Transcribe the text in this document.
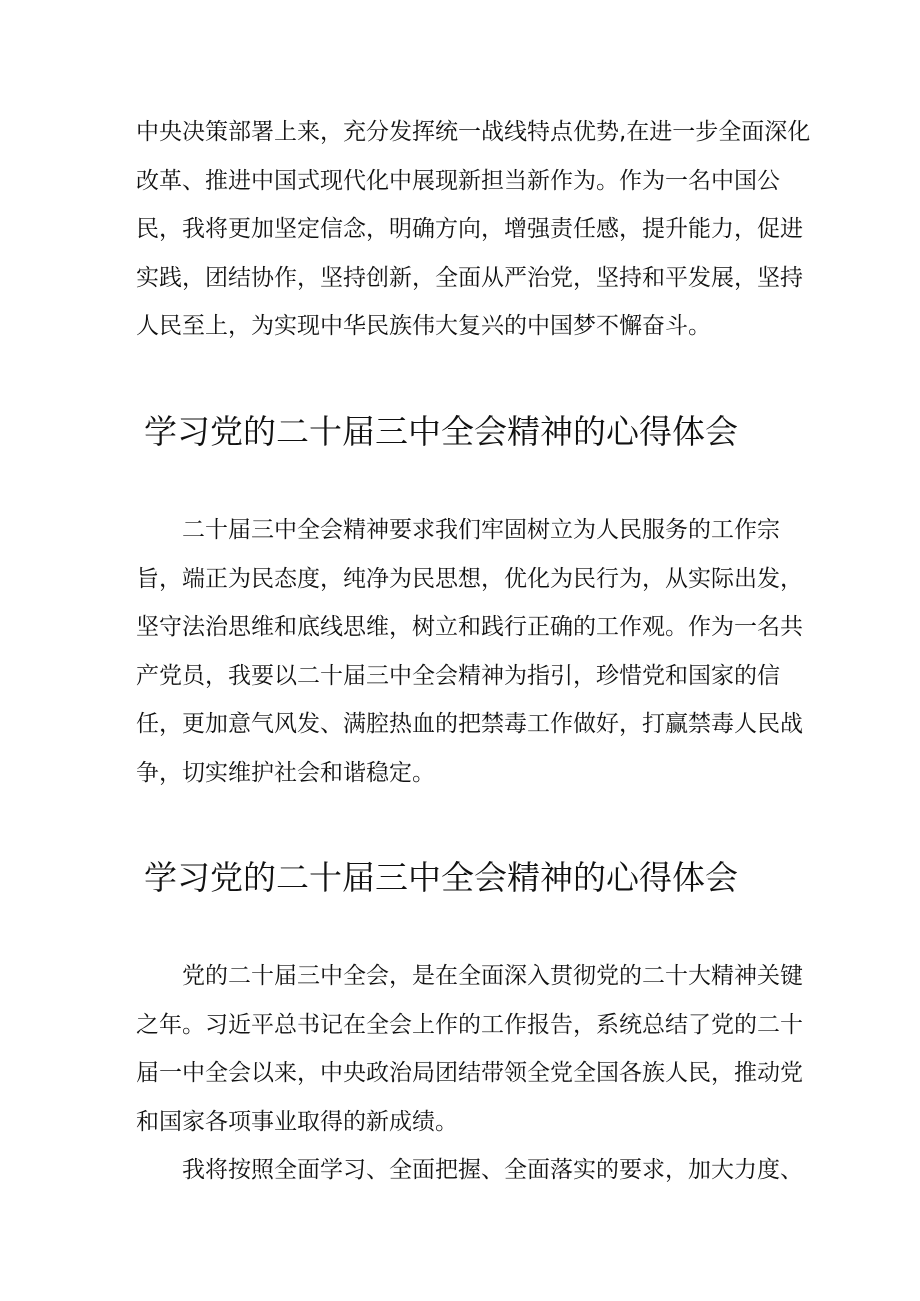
中央决策部署上来，充分发挥统一战线特点优势,在进一步全面深化改革、推进中国式现代化中展现新担当新作为。作为一名中国公民，我将更加坚定信念，明确方向，增强责任感，提升能力，促进实践，团结协作，坚持创新，全面从严治党，坚持和平发展，坚持人民至上，为实现中华民族伟大复兴的中国梦不懈奋斗。

学习党的二十届三中全会精神的心得体会

　　二十届三中全会精神要求我们牢固树立为人民服务的工作宗旨，端正为民态度，纯净为民思想，优化为民行为，从实际出发，坚守法治思维和底线思维，树立和践行正确的工作观。作为一名共产党员，我要以二十届三中全会精神为指引，珍惜党和国家的信任，更加意气风发、满腔热血的把禁毒工作做好，打赢禁毒人民战争，切实维护社会和谐稳定。

学习党的二十届三中全会精神的心得体会

　　党的二十届三中全会，是在全面深入贯彻党的二十大精神关键之年。习近平总书记在全会上作的工作报告，系统总结了党的二十届一中全会以来，中央政治局团结带领全党全国各族人民，推动党和国家各项事业取得的新成绩。

　　我将按照全面学习、全面把握、全面落实的要求，加大力度、
